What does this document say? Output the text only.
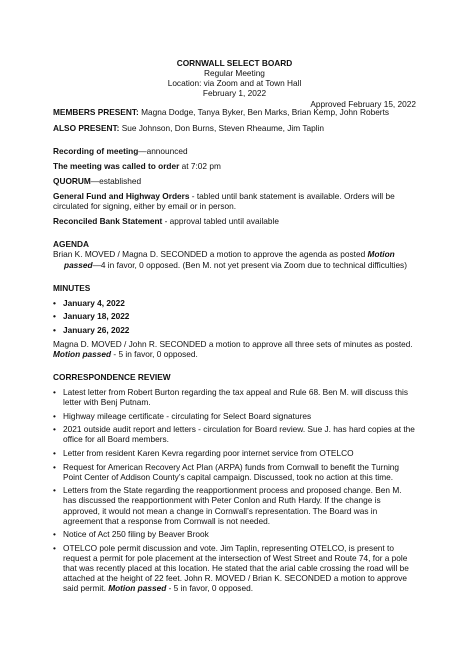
Approved February 15, 2022
CORNWALL SELECT BOARD
Regular Meeting
Location: via Zoom and at Town Hall
February 1, 2022

MEMBERS PRESENT: Magna Dodge, Tanya Byker, Ben Marks, Brian Kemp, John Roberts

ALSO PRESENT: Sue Johnson, Don Burns, Steven Rheaume, Jim Taplin

Recording of meeting—announced

The meeting was called to order at 7:02 pm

QUORUM—established

General Fund and Highway Orders - tabled until bank statement is available. Orders will be circulated for signing, either by email or in person.

Reconciled Bank Statement - approval tabled until available

AGENDA

Brian K. MOVED / Magna D. SECONDED a motion to approve the agenda as posted Motion
passed—4 in favor, 0 opposed. (Ben M. not yet present via Zoom due to technical difficulties)

MINUTES
• January 4, 2022
• January 18, 2022
• January 26, 2022

Magna D. MOVED / John R. SECONDED a motion to approve all three sets of minutes as posted.
Motion passed - 5 in favor, 0 opposed.

CORRESPONDENCE REVIEW
• Latest letter from Robert Burton regarding the tax appeal and Rule 68. Ben M. will discuss this
letter with Benj Putnam.
• Highway mileage certificate - circulating for Select Board signatures
• 2021 outside audit report and letters - circulation for Board review. Sue J. has hard copies at the
office for all Board members.
• Letter from resident Karen Kevra regarding poor internet service from OTELCO
• Request for American Recovery Act Plan (ARPA) funds from Cornwall to benefit the Turning
Point Center of Addison County’s capital campaign. Discussed, took no action at this time.
• Letters from the State regarding the reapportionment process and proposed change. Ben M.
has discussed the reapportionment with Peter Conlon and Ruth Hardy. If the change is
approved, it would not mean a change in Cornwall’s representation. The Board was in
agreement that a response from Cornwall is not needed.
• Notice of Act 250 filing by Beaver Brook
• OTELCO pole permit discussion and vote. Jim Taplin, representing OTELCO, is present to
request a permit for pole placement at the intersection of West Street and Route 74, for a pole
that was recently placed at this location. He stated that the arial cable crossing the road will be
attached at the height of 22 feet. John R. MOVED / Brian K. SECONDED a motion to approve
said permit. Motion passed - 5 in favor, 0 opposed.
